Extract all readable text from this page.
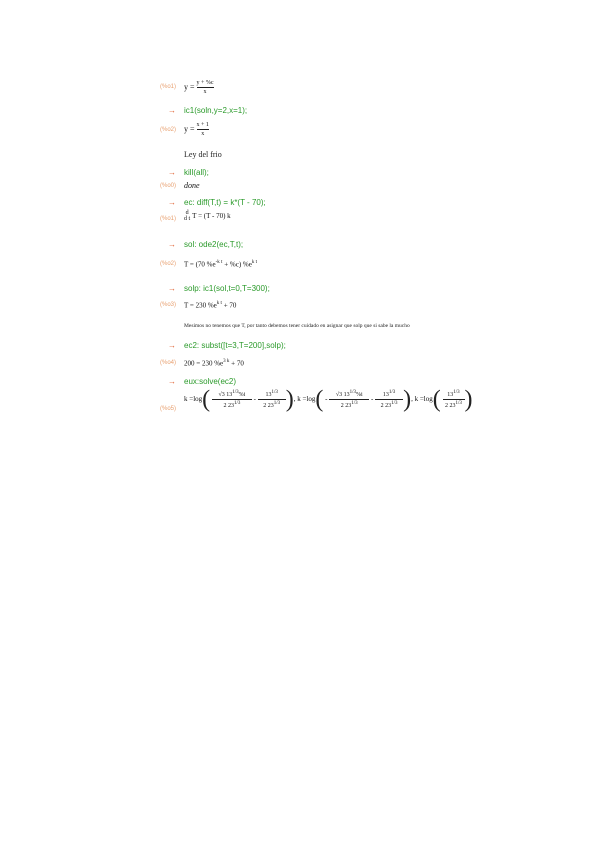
(%o1) $y = \frac{y + \%c}{x}$
→ ic1(soln,y=2,x=1);
(%o2) $y = \frac{x + 1}{x}$
Ley del frio
→ kill(all);
(%o0) done
→ ec: diff(T,t) = k*(T - 70);
(%o1)
d
d t T = (T - 70) k
→ sol: ode2(ec,T,t);
(%o2)	T = (70 $\%e^{-k t} + \%c$) $\%e^{k t}$
→ solp: ic1(sol,t=0,T=300);
(%o3)	T = 230 $\%e^{k t} + 70$
Mesimos no tenemos que T, por tanto debemos tener cuidado en asignar que solp que si sabe la mucho
→ ec2: subst([t=3,T=200],solp);
(%o4)	200 = 230 $\%e^{3 k} + 70$
→ eux:solve(ec2)
(%o5)
$k =\log( \frac{√3 13^{1/3}\%i}{2 23^{1/3}} - \frac{13^{1/3}}{2 23^{1/3}}$ ), $k =\log( - \frac{√3 13^{1/3}\%i}{2 23^{1/3}} - \frac{13^{1/3}}{2 23^{1/3}}$ ), $k =\log( \frac{13^{1/3}}{2 23^{1/3}}$ )
